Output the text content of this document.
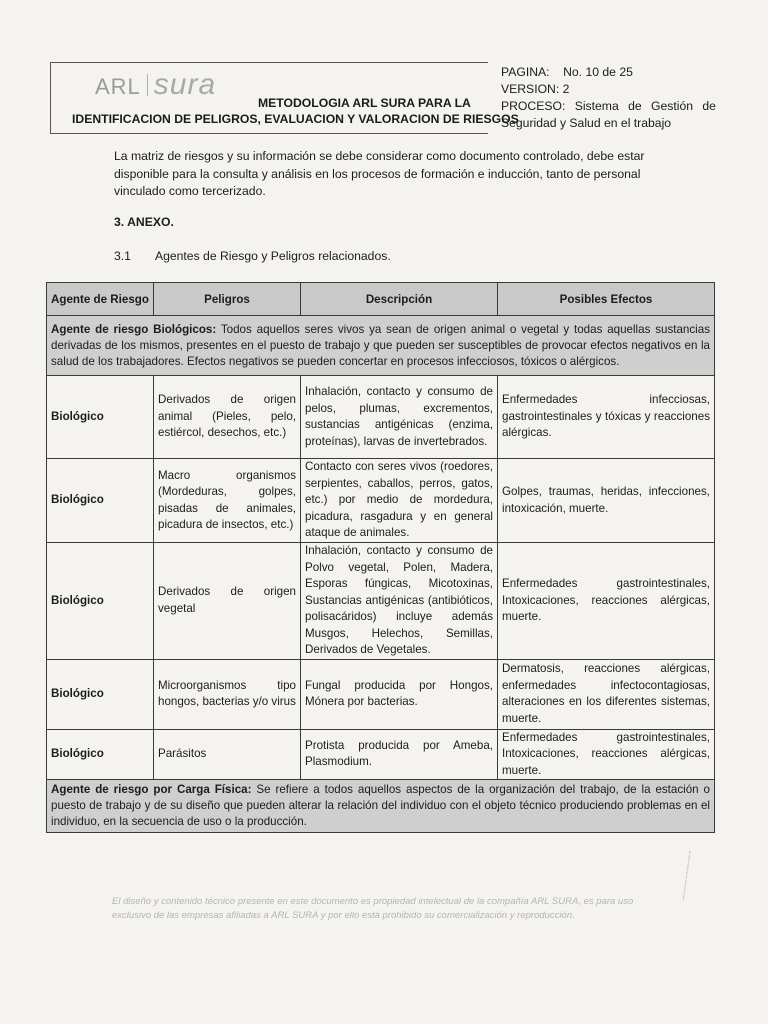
ARL sura
METODOLOGIA ARL SURA PARA LA
IDENTIFICACION DE PELIGROS, EVALUACION Y VALORACION DE RIESGOS
PAGINA: No. 10 de 25
VERSION: 2
PROCESO: Sistema de Gestión de
Seguridad y Salud en el trabajo

La matriz de riesgos y su información se debe considerar como documento controlado, debe estar disponible para la consulta y análisis en los procesos de formación e inducción, tanto de personal vinculado como tercerizado.

3. ANEXO.
3.1 Agentes de Riesgo y Peligros relacionados.
Agente de Riesgo	Peligros	Descripción	Posibles Efectos
Agente de riesgo Biológicos: Todos aquellos seres vivos ya sean de origen animal o vegetal y todas aquellas sustancias derivadas de los mismos, presentes en el puesto de trabajo y que pueden ser susceptibles de provocar efectos negativos en la salud de los trabajadores. Efectos negativos se pueden concertar en procesos infecciosos, tóxicos o alérgicos.			
Biológico	Derivados de origen animal (Pieles, pelo, estiércol, desechos, etc.)	Inhalación, contacto y consumo de pelos, plumas, excrementos, sustancias antigénicas (enzima, proteínas), larvas de invertebrados.	Enfermedades infecciosas, gastrointestinales y tóxicas y reacciones alérgicas.
Biológico	Macro organismos (Mordeduras, golpes, pisadas de animales, picadura de insectos, etc.)	Contacto con seres vivos (roedores, serpientes, caballos, perros, gatos, etc.) por medio de mordedura, picadura, rasgadura y en general ataque de animales.	Golpes, traumas, heridas, infecciones, intoxicación, muerte.
Biológico	Derivados de origen vegetal	Inhalación, contacto y consumo de Polvo vegetal, Polen, Madera, Esporas fúngicas, Micotoxinas, Sustancias antigénicas (antibióticos, polisacáridos) incluye además Musgos, Helechos, Semillas, Derivados de Vegetales.	Enfermedades gastrointestinales, Intoxicaciones, reacciones alérgicas, muerte.
Biológico	Microorganismos tipo hongos, bacterias y/o virus	Fungal producida por Hongos, Mónera por bacterias.	Dermatosis, reacciones alérgicas, enfermedades infectocontagiosas, alteraciones en los diferentes sistemas, muerte.
Biológico	Parásitos	Protista producida por Ameba, Plasmodium.	Enfermedades gastrointestinales, Intoxicaciones, reacciones alérgicas, muerte.
Agente de riesgo por Carga Física: Se refiere a todos aquellos aspectos de la organización del trabajo, de la estación o puesto de trabajo y de su diseño que pueden alterar la relación del individuo con el objeto técnico produciendo problemas en el individuo, en la secuencia de uso o la producción.			

El diseño y contenido técnico presente en este documento es propiedad intelectual de la compañía ARL SURA, es para uso exclusivo de las empresas afiliadas a ARL SURA y por ello está prohibido su comercialización y reproducción.
